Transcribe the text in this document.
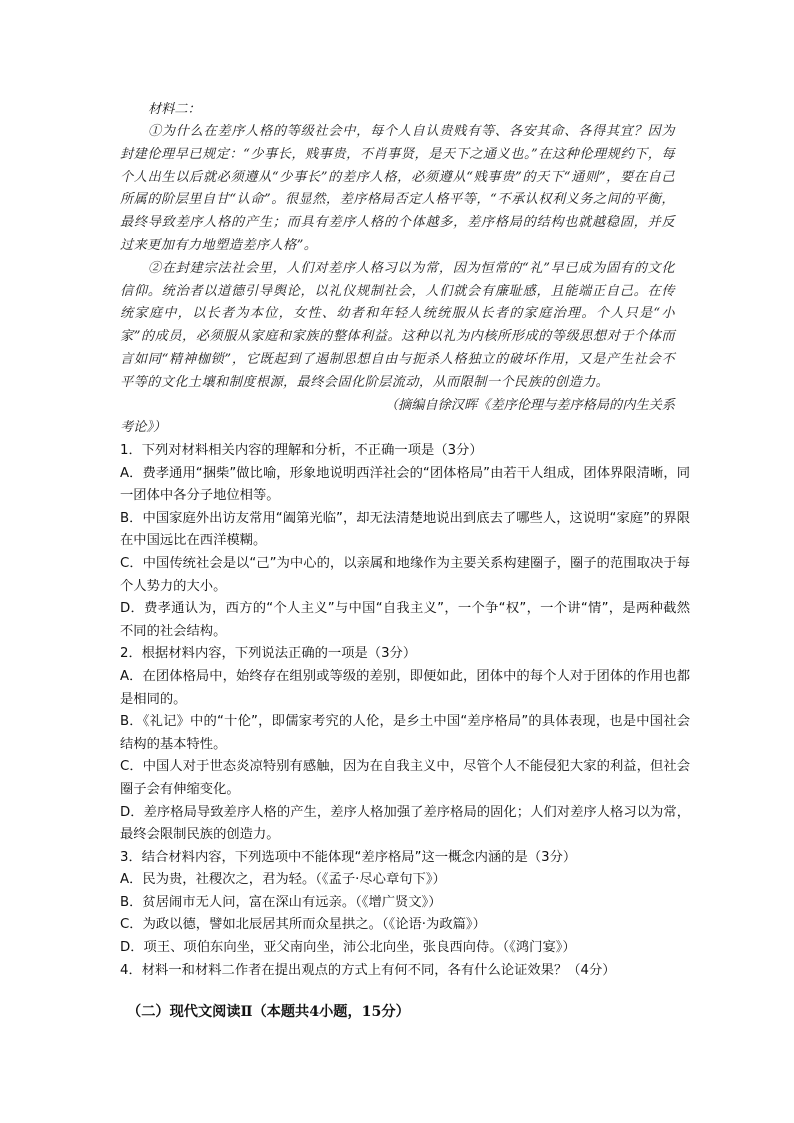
材料二：

①为什么在差序人格的等级社会中，每个人自认贵贱有等、各安其命、各得其宜？因为封建伦理早已规定：“少事长，贱事贵，不肖事贤，是天下之通义也。”在这种伦理规约下，每个人出生以后就必须遵从“少事长”的差序人格，必须遵从“贱事贵”的天下“通则”，要在自己所属的阶层里自甘“认命”。很显然，差序格局否定人格平等，“不承认权利义务之间的平衡，最终导致差序人格的产生；而具有差序人格的个体越多，差序格局的结构也就越稳固，并反过来更加有力地塑造差序人格”。

②在封建宗法社会里，人们对差序人格习以为常，因为恒常的“礼”早已成为固有的文化信仰。统治者以道德引导舆论，以礼仪规制社会，人们就会有廉耻感，且能端正自己。在传统家庭中，以长者为本位，女性、幼者和年轻人统统服从长者的家庭治理。个人只是“小家”的成员，必须服从家庭和家族的整体利益。这种以礼为内核所形成的等级思想对于个体而言如同“精神枷锁”，它既起到了遏制思想自由与扼杀人格独立的破坏作用，又是产生社会不平等的文化土壤和制度根源，最终会固化阶层流动，从而限制一个民族的创造力。

（摘编自徐汉晖《差序伦理与差序格局的内生关系

考论》）

1．下列对材料相关内容的理解和分析，不正确一项是（3分）

A．费孝通用“捆柴”做比喻，形象地说明西洋社会的“团体格局”由若干人组成，团体界限清晰，同一团体中各分子地位相等。

B．中国家庭外出访友常用“阖第光临”，却无法清楚地说出到底去了哪些人，这说明“家庭”的界限在中国远比在西洋模糊。

C．中国传统社会是以“己”为中心的，以亲属和地缘作为主要关系构建圈子，圈子的范围取决于每个人势力的大小。

D．费孝通认为，西方的“个人主义”与中国“自我主义”，一个争“权”，一个讲“情”，是两种截然不同的社会结构。

2．根据材料内容，下列说法正确的一项是（3分）

A．在团体格局中，始终存在组别或等级的差别，即便如此，团体中的每个人对于团体的作用也都是相同的。

B．《礼记》中的“十伦”，即儒家考究的人伦，是乡土中国“差序格局”的具体表现，也是中国社会结构的基本特性。

C．中国人对于世态炎凉特别有感触，因为在自我主义中，尽管个人不能侵犯大家的利益，但社会圈子会有伸缩变化。

D．差序格局导致差序人格的产生，差序人格加强了差序格局的固化；人们对差序人格习以为常，最终会限制民族的创造力。

3．结合材料内容，下列选项中不能体现“差序格局”这一概念内涵的是（3分）

A．民为贵，社稷次之，君为轻。（《孟子·尽心章句下》）

B．贫居闹市无人问，富在深山有远亲。（《增广贤文》）

C．为政以德，譬如北辰居其所而众星拱之。（《论语·为政篇》）

D．项王、项伯东向坐，亚父南向坐，沛公北向坐，张良西向侍。（《鸿门宴》）

4．材料一和材料二作者在提出观点的方式上有何不同，各有什么论证效果？（4分）

（二）现代文阅读Ⅱ（本题共4小题，15分）
